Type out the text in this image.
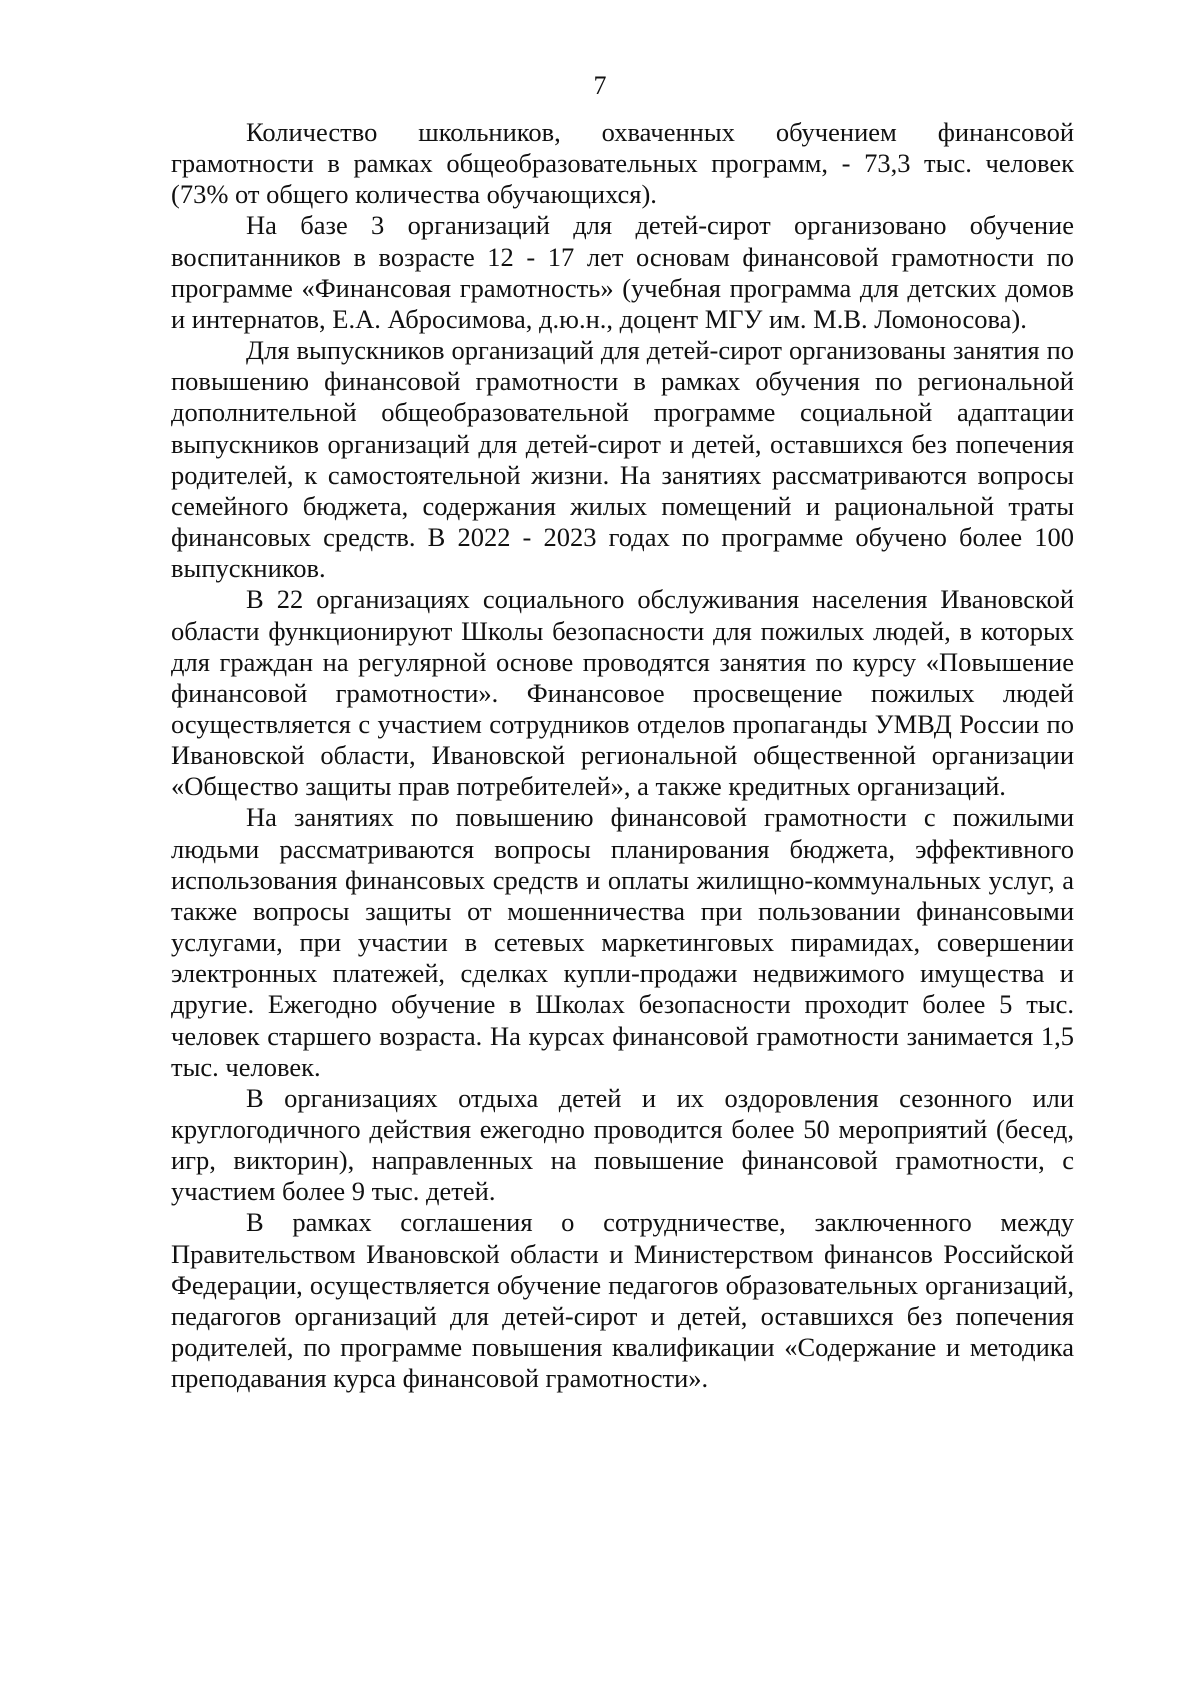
7

Количество школьников, охваченных обучением финансовой грамотности в рамках общеобразовательных программ, - 73,3 тыс. человек (73% от общего количества обучающихся).

На базе 3 организаций для детей-сирот организовано обучение воспитанников в возрасте 12 - 17 лет основам финансовой грамотности по программе «Финансовая грамотность» (учебная программа для детских домов и интернатов, Е.А. Абросимова, д.ю.н., доцент МГУ им. М.В. Ломоносова).

Для выпускников организаций для детей-сирот организованы занятия по повышению финансовой грамотности в рамках обучения по региональной дополнительной общеобразовательной программе социальной адаптации выпускников организаций для детей-сирот и детей, оставшихся без попечения родителей, к самостоятельной жизни. На занятиях рассматриваются вопросы семейного бюджета, содержания жилых помещений и рациональной траты финансовых средств. В 2022 - 2023 годах по программе обучено более 100 выпускников.

В 22 организациях социального обслуживания населения Ивановской области функционируют Школы безопасности для пожилых людей, в которых для граждан на регулярной основе проводятся занятия по курсу «Повышение финансовой грамотности». Финансовое просвещение пожилых людей осуществляется с участием сотрудников отделов пропаганды УМВД России по Ивановской области, Ивановской региональной общественной организации «Общество защиты прав потребителей», а также кредитных организаций.

На занятиях по повышению финансовой грамотности с пожилыми людьми рассматриваются вопросы планирования бюджета, эффективного использования финансовых средств и оплаты жилищно-коммунальных услуг, а также вопросы защиты от мошенничества при пользовании финансовыми услугами, при участии в сетевых маркетинговых пирамидах, совершении электронных платежей, сделках купли-продажи недвижимого имущества и другие. Ежегодно обучение в Школах безопасности проходит более 5 тыс. человек старшего возраста. На курсах финансовой грамотности занимается 1,5 тыс. человек.

В организациях отдыха детей и их оздоровления сезонного или круглогодичного действия ежегодно проводится более 50 мероприятий (бесед, игр, викторин), направленных на повышение финансовой грамотности, с участием более 9 тыс. детей.

В рамках соглашения о сотрудничестве, заключенного между Правительством Ивановской области и Министерством финансов Российской Федерации, осуществляется обучение педагогов образовательных организаций, педагогов организаций для детей-сирот и детей, оставшихся без попечения родителей, по программе повышения квалификации «Содержание и методика преподавания курса финансовой грамотности».
